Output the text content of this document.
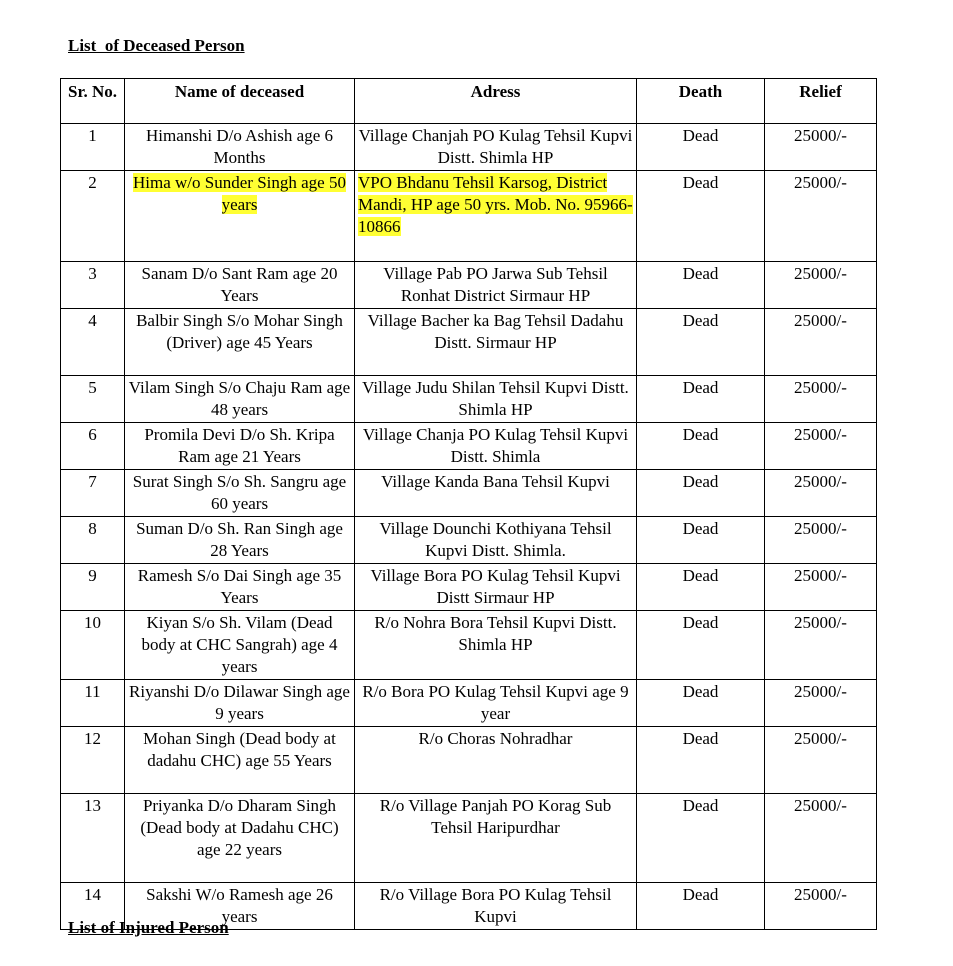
List  of Deceased Person
Sr. No.	Name of deceased	Adress	Death	Relief
1	Himanshi D/o Ashish age 6 Months	Village Chanjah PO Kulag Tehsil Kupvi Distt. Shimla HP	Dead	25000/-
2	Hima w/o Sunder Singh age 50 years	VPO Bhdanu Tehsil Karsog, District Mandi, HP age 50 yrs. Mob. No. 95966-10866	Dead	25000/-
3	Sanam D/o Sant Ram age 20 Years	Village Pab PO Jarwa Sub Tehsil Ronhat District Sirmaur HP	Dead	25000/-
4	Balbir Singh S/o Mohar Singh (Driver) age 45 Years	Village Bacher ka Bag Tehsil Dadahu Distt. Sirmaur HP	Dead	25000/-
5	Vilam Singh S/o Chaju Ram age 48 years	Village Judu Shilan Tehsil Kupvi Distt. Shimla HP	Dead	25000/-
6	Promila Devi D/o Sh. Kripa Ram age 21 Years	Village Chanja PO Kulag Tehsil Kupvi Distt. Shimla	Dead	25000/-
7	Surat Singh S/o Sh. Sangru age 60 years	Village Kanda Bana Tehsil Kupvi	Dead	25000/-
8	Suman D/o Sh. Ran Singh age 28 Years	Village Dounchi Kothiyana Tehsil Kupvi Distt. Shimla.	Dead	25000/-
9	Ramesh S/o Dai Singh age 35 Years	Village Bora PO Kulag Tehsil Kupvi Distt Sirmaur HP	Dead	25000/-
10	Kiyan S/o Sh. Vilam (Dead body at CHC Sangrah) age 4 years	R/o Nohra Bora Tehsil Kupvi Distt. Shimla HP	Dead	25000/-
11	Riyanshi D/o Dilawar Singh age 9 years	R/o Bora PO Kulag Tehsil Kupvi age 9 year	Dead	25000/-
12	Mohan Singh (Dead body at dadahu CHC) age 55 Years	R/o Choras Nohradhar	Dead	25000/-
13	Priyanka D/o Dharam Singh (Dead body at Dadahu CHC) age 22 years	R/o Village Panjah PO Korag Sub Tehsil Haripurdhar	Dead	25000/-
14	Sakshi W/o Ramesh age 26 years	R/o Village Bora PO Kulag Tehsil Kupvi	Dead	25000/-
List of Injured Person
